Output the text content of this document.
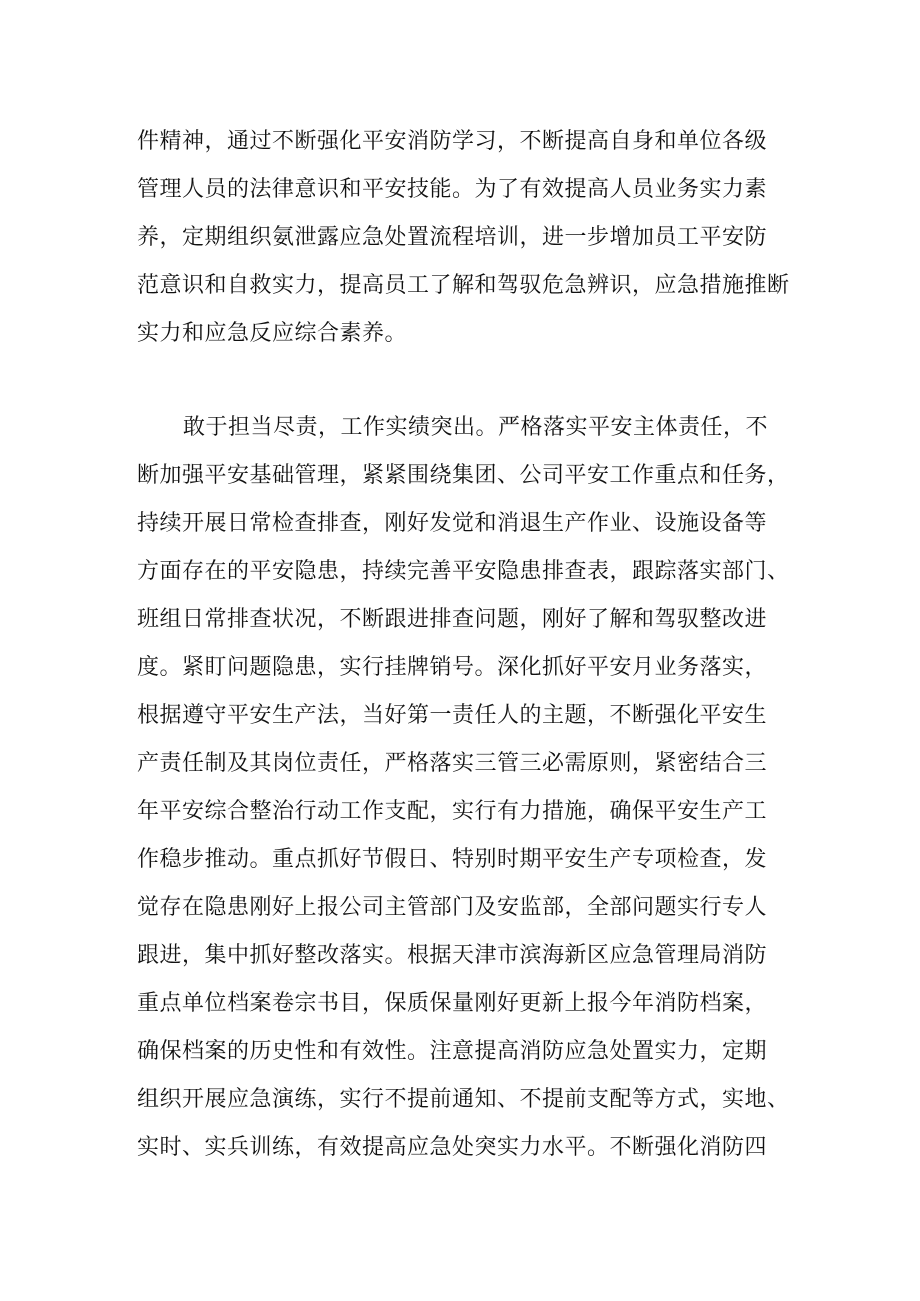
件精神，通过不断强化平安消防学习，不断提高自身和单位各级
管理人员的法律意识和平安技能。为了有效提高人员业务实力素
养，定期组织氨泄露应急处置流程培训，进一步增加员工平安防
范意识和自救实力，提高员工了解和驾驭危急辨识，应急措施推断
实力和应急反应综合素养。
敢于担当尽责，工作实绩突出。严格落实平安主体责任，不
断加强平安基础管理，紧紧围绕集团、公司平安工作重点和任务，
持续开展日常检查排查，刚好发觉和消退生产作业、设施设备等
方面存在的平安隐患，持续完善平安隐患排查表，跟踪落实部门、
班组日常排查状况，不断跟进排查问题，刚好了解和驾驭整改进
度。紧盯问题隐患，实行挂牌销号。深化抓好平安月业务落实，
根据遵守平安生产法，当好第一责任人的主题，不断强化平安生
产责任制及其岗位责任，严格落实三管三必需原则，紧密结合三
年平安综合整治行动工作支配，实行有力措施，确保平安生产工
作稳步推动。重点抓好节假日、特别时期平安生产专项检查，发
觉存在隐患刚好上报公司主管部门及安监部，全部问题实行专人
跟进，集中抓好整改落实。根据天津市滨海新区应急管理局消防
重点单位档案卷宗书目，保质保量刚好更新上报今年消防档案，
确保档案的历史性和有效性。注意提高消防应急处置实力，定期
组织开展应急演练，实行不提前通知、不提前支配等方式，实地、
实时、实兵训练，有效提高应急处突实力水平。不断强化消防四
